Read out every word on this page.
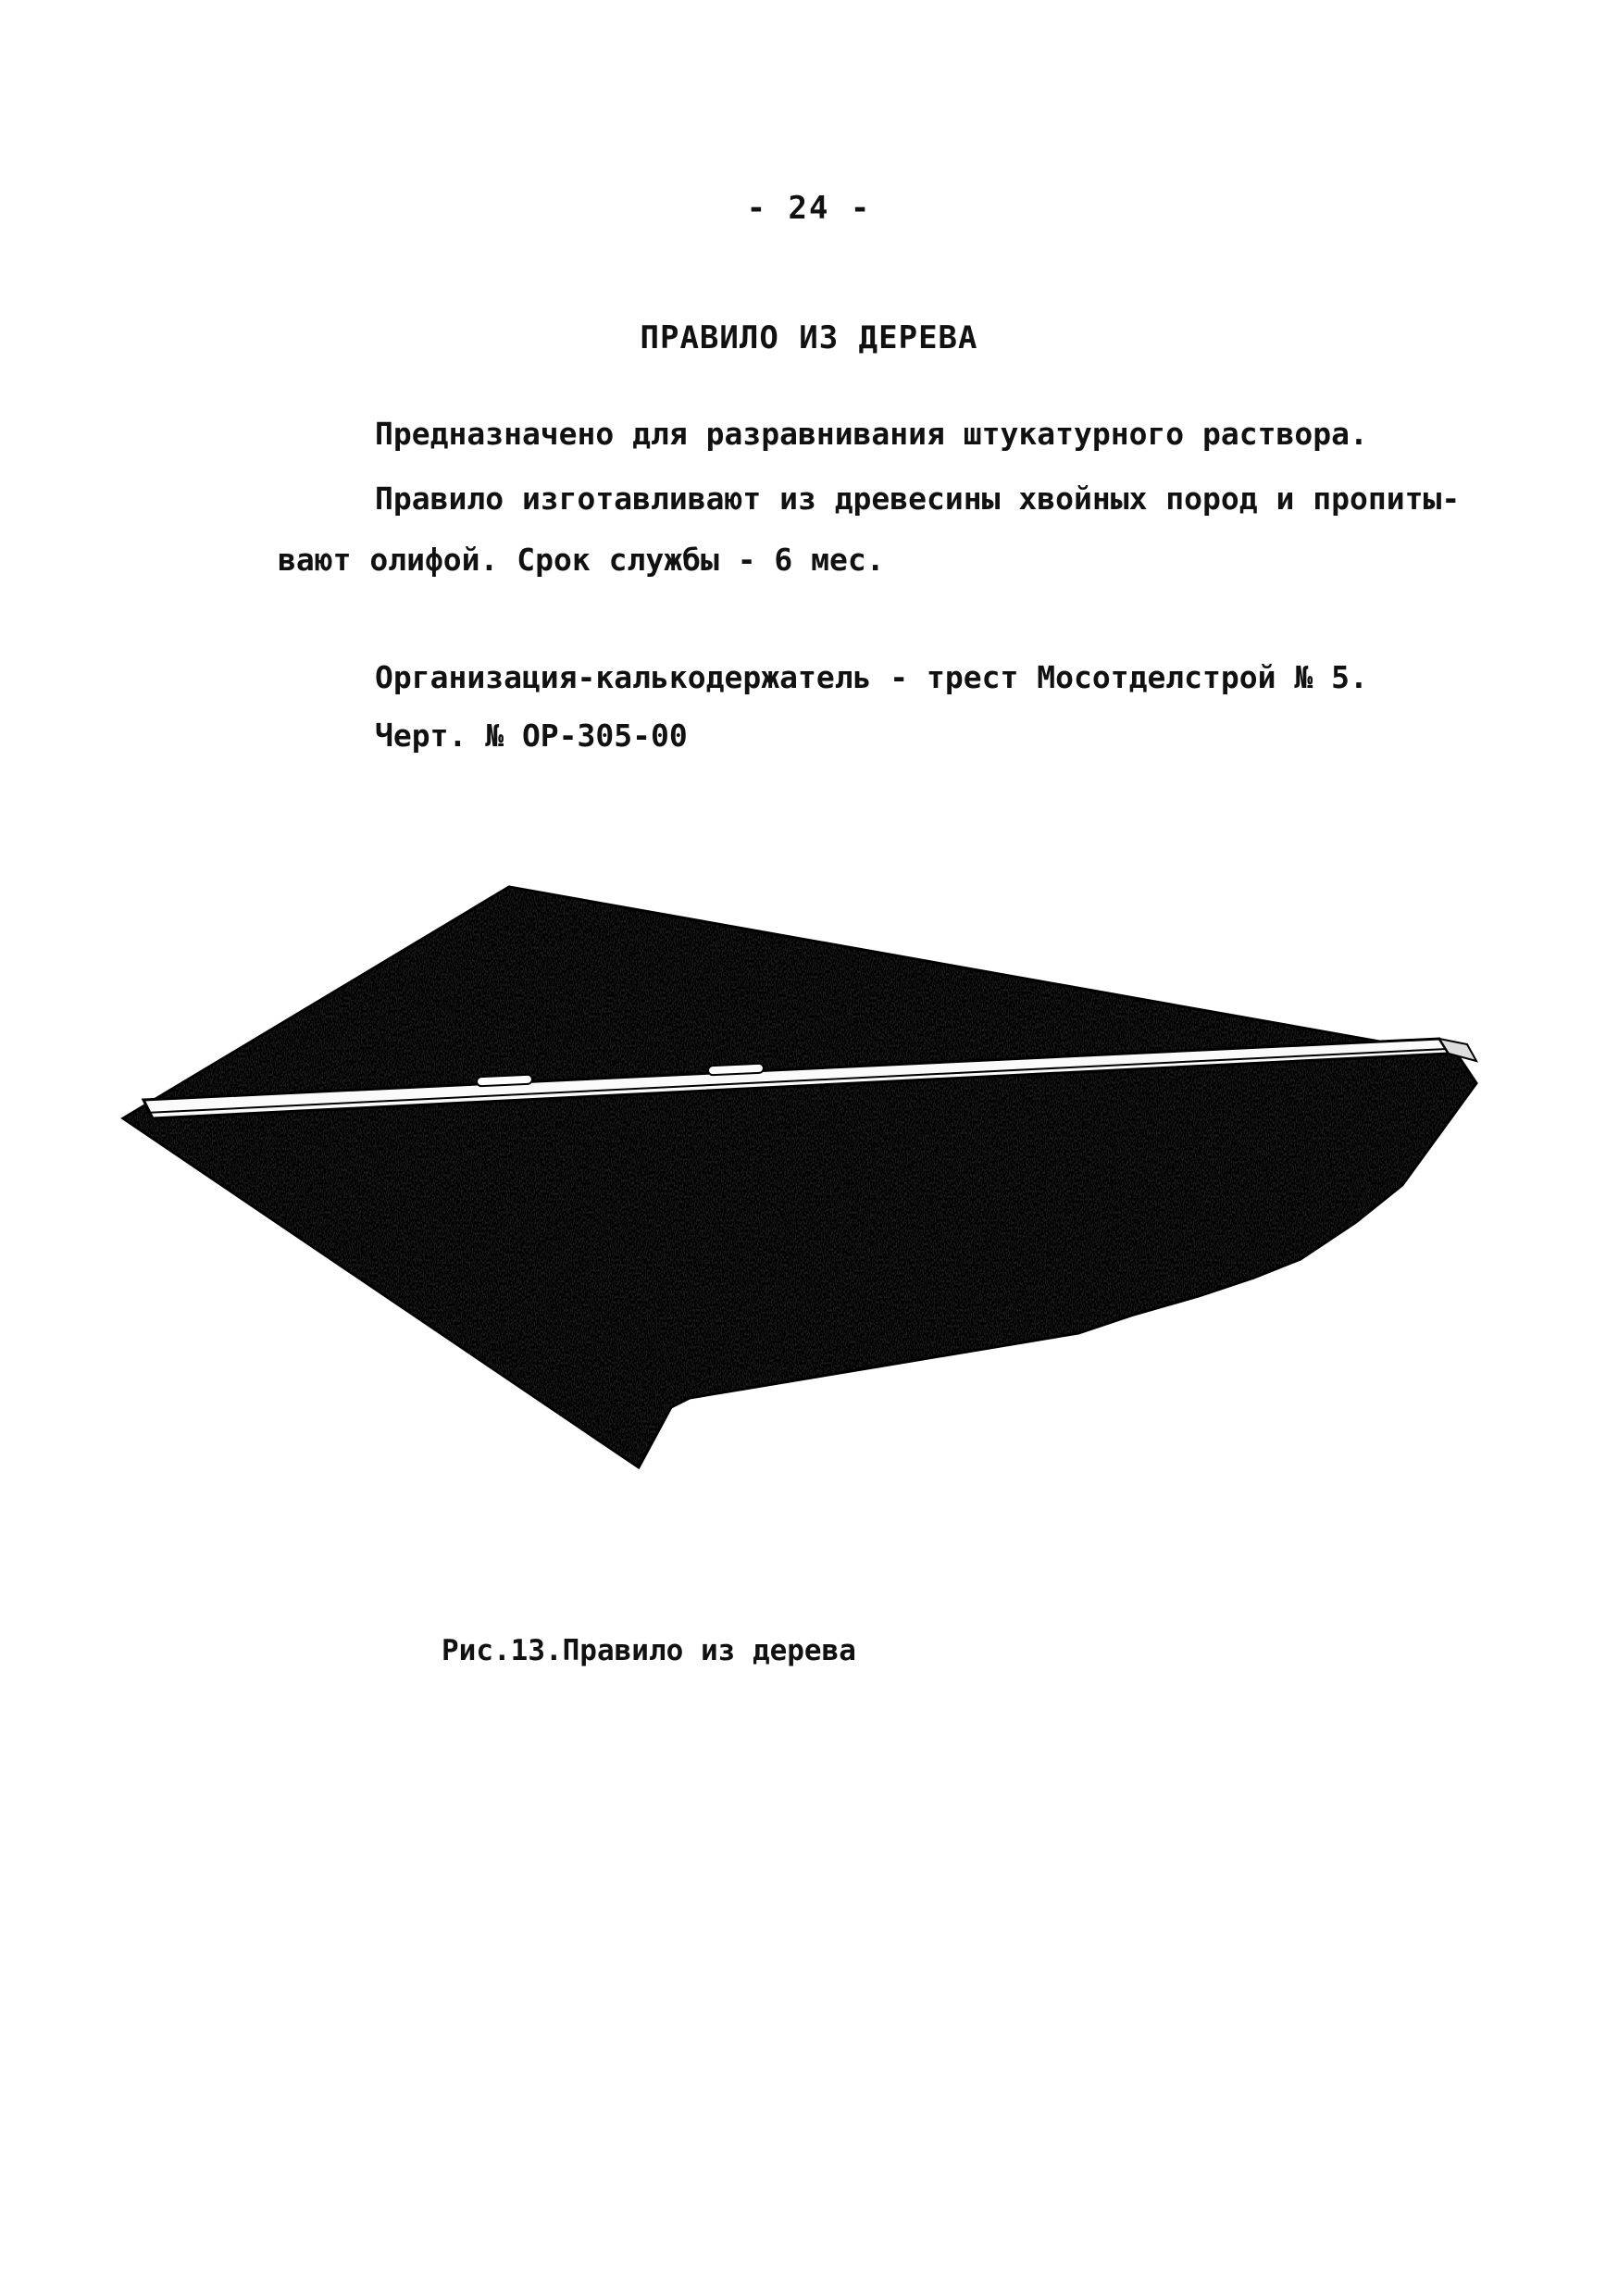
- 24 -
ПРАВИЛО ИЗ ДЕРЕВА
Предназначено для разравнивания штукатурного раствора.
Правило изготавливают из древесины хвойных пород и пропиты-
вают олифой. Срок службы - 6 мес.
Организация-калькодержатель - трест Мосотделстрой № 5.
Черт. № ОР-305-00
Рис.13.Правило из дерева
